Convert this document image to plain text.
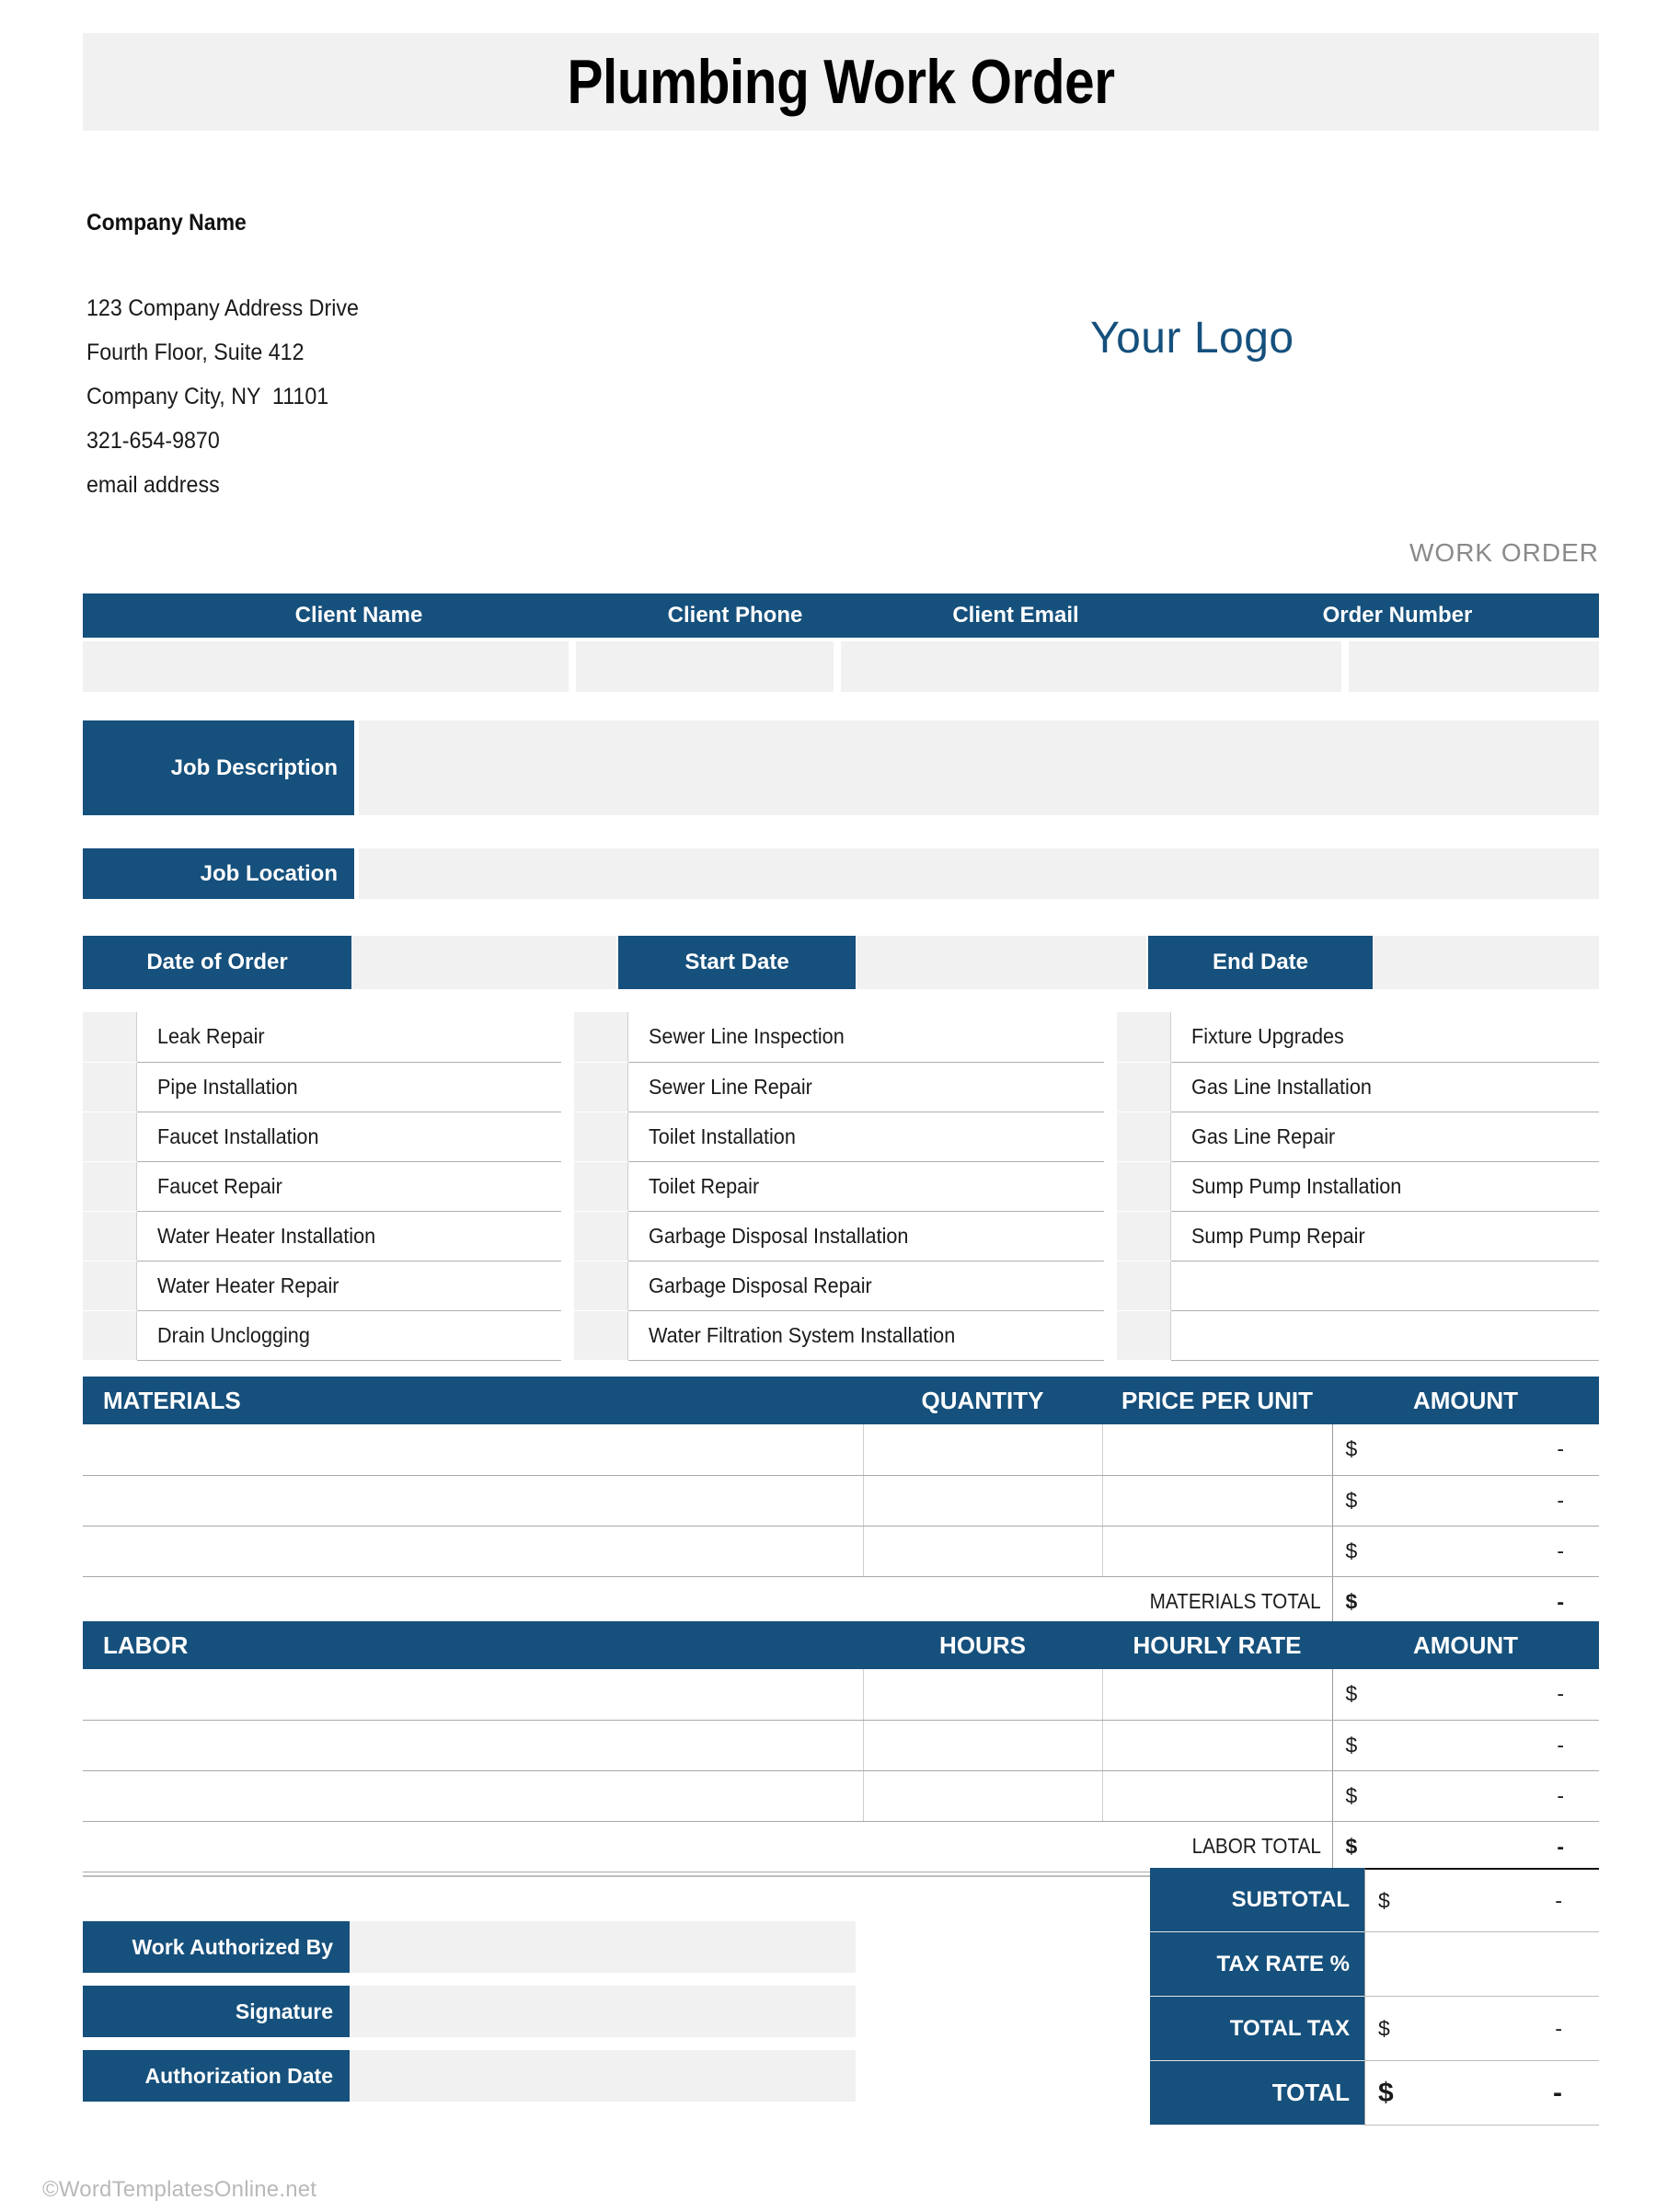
Plumbing Work Order
Company Name
123 Company Address Drive
Fourth Floor, Suite 412
Company City, NY  11101
321-654-9870
email address
Your Logo
WORK ORDER
Client Name	Client Phone	Client Email	Order Number
Job Description
Job Location
Date of Order	Start Date	End Date
	Leak Repair			Sewer Line Inspection			Fixture Upgrades
	Pipe Installation			Sewer Line Repair			Gas Line Installation
	Faucet Installation			Toilet Installation			Gas Line Repair
	Faucet Repair			Toilet Repair			Sump Pump Installation
	Water Heater Installation			Garbage Disposal Installation			Sump Pump Repair
	Water Heater Repair			Garbage Disposal Repair			
	Drain Unclogging			Water Filtration System Installation			
MATERIALS	QUANTITY	PRICE PER UNIT	AMOUNT

			$ -

			$ -

			$ -

MATERIALS TOTAL			$ -
LABOR	HOURS	HOURLY RATE	AMOUNT

			$ -

			$ -

			$ -

LABOR TOTAL			$ -
SUBTOTAL	$	-
TAX RATE %
TOTAL TAX	$	-
TOTAL	$	-
Work Authorized By
Signature
Authorization Date
©WordTemplatesOnline.net
